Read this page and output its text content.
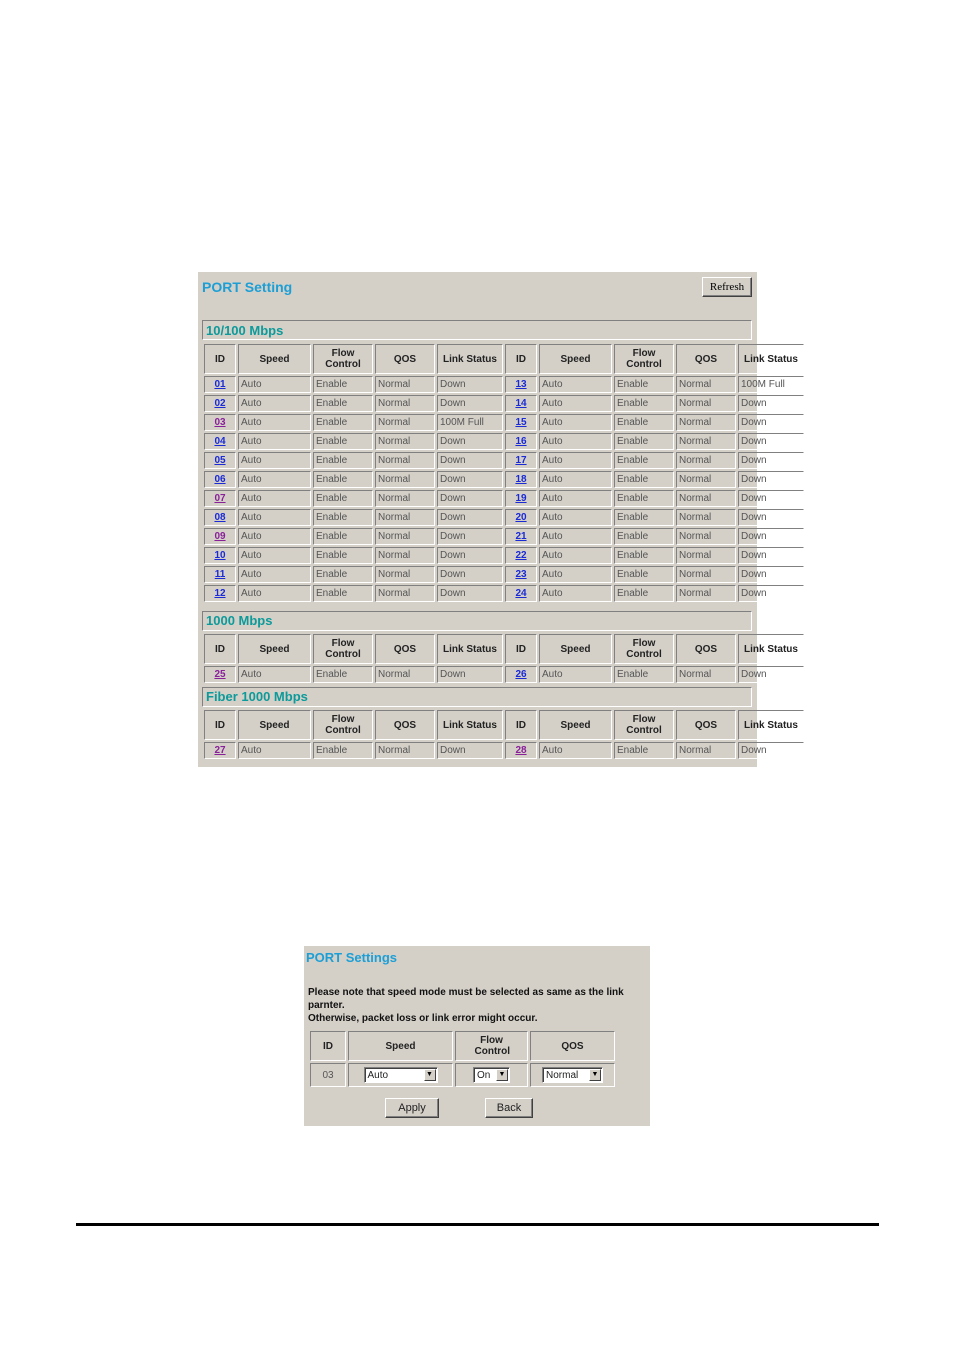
PORT Setting	Refresh
10/100 Mbps
ID	Speed	Flow Control	QOS	Link Status	ID	Speed	Flow Control	QOS	Link Status
01	Auto	Enable	Normal	Down	13	Auto	Enable	Normal	100M Full
02	Auto	Enable	Normal	Down	14	Auto	Enable	Normal	Down
03	Auto	Enable	Normal	100M Full	15	Auto	Enable	Normal	Down
04	Auto	Enable	Normal	Down	16	Auto	Enable	Normal	Down
05	Auto	Enable	Normal	Down	17	Auto	Enable	Normal	Down
06	Auto	Enable	Normal	Down	18	Auto	Enable	Normal	Down
07	Auto	Enable	Normal	Down	19	Auto	Enable	Normal	Down
08	Auto	Enable	Normal	Down	20	Auto	Enable	Normal	Down
09	Auto	Enable	Normal	Down	21	Auto	Enable	Normal	Down
10	Auto	Enable	Normal	Down	22	Auto	Enable	Normal	Down
11	Auto	Enable	Normal	Down	23	Auto	Enable	Normal	Down
12	Auto	Enable	Normal	Down	24	Auto	Enable	Normal	Down
1000 Mbps
ID	Speed	Flow Control	QOS	Link Status	ID	Speed	Flow Control	QOS	Link Status
25	Auto	Enable	Normal	Down	26	Auto	Enable	Normal	Down
Fiber 1000 Mbps
ID	Speed	Flow Control	QOS	Link Status	ID	Speed	Flow Control	QOS	Link Status
27	Auto	Enable	Normal	Down	28	Auto	Enable	Normal	Down
PORT Settings
Please note that speed mode must be selected as same as the link parnter.
Otherwise, packet loss or link error might occur.
ID	Speed	Flow Control	QOS
03	Auto ▼	On ▼	Normal ▼
Apply	Back
